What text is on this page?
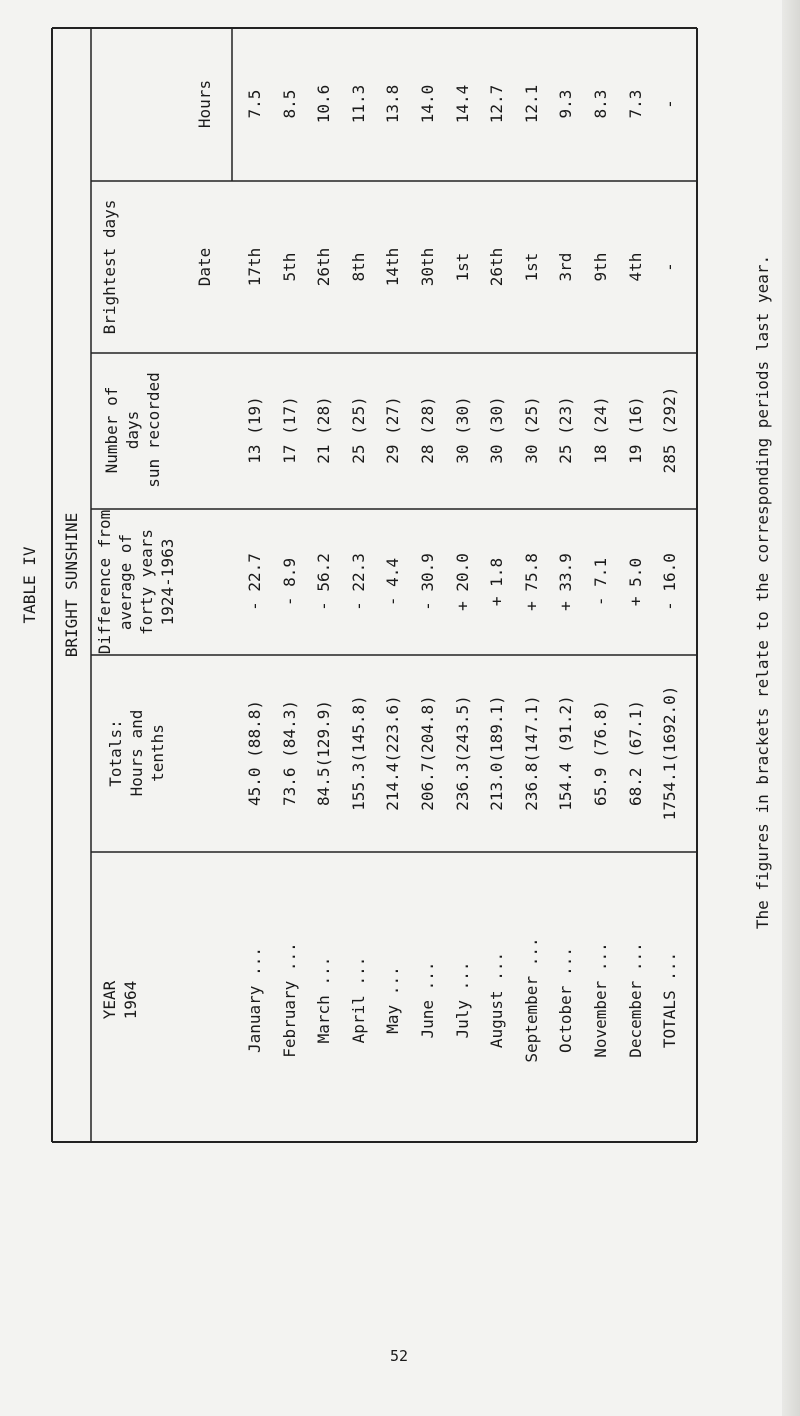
TABLE IV BRIGHT SUNSHINE
YEAR 1964
Totals: Hours and tenths
Difference from average of forty years 1924-1963
Number of days sun recorded
Brightest days	Date
Hours
January ...
45.0 (88.8)
- 22.7
13 (19)
17th
7.5
February ...
73.6 (84.3)
- 8.9
17 (17)
5th
8.5
March ...
84.5(129.9)
- 56.2
21 (28)
26th
10.6
April ...
155.3(145.8)
- 22.3
25 (25)
8th
11.3
May ...
214.4(223.6)
- 4.4
29 (27)
14th
13.8
June ...
206.7(204.8)
- 30.9
28 (28)
30th
14.0
July ...
236.3(243.5)
+ 20.0
30 (30)
1st
14.4
August ...
213.0(189.1)
+ 1.8
30 (30)
26th
12.7
September ...
236.8(147.1)
+ 75.8
30 (25)
1st
12.1
October ...
154.4 (91.2)
+ 33.9
25 (23)
3rd
9.3
November ...
65.9 (76.8)
- 7.1
18 (24)
9th
8.3
December ...
68.2 (67.1)
+ 5.0
19 (16)
4th
7.3
TOTALS ...
1754.1(1692.0)
- 16.0
285 (292)
-
-
The figures in brackets relate to the corresponding periods last year.
52
